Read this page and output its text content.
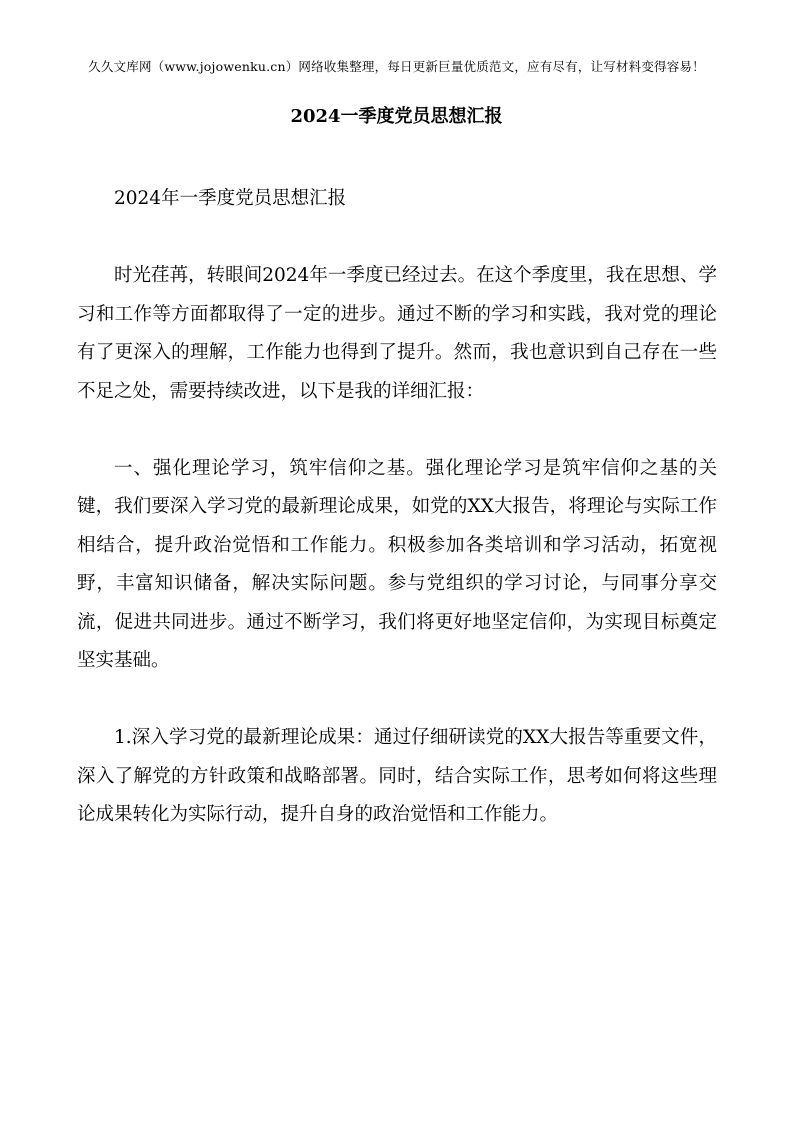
久久文库网（www.jojowenku.cn）网络收集整理，每日更新巨量优质范文，应有尽有，让写材料变得容易！
2024一季度党员思想汇报

2024年一季度党员思想汇报

时光荏苒，转眼间2024年一季度已经过去。在这个季度里，我在思想、学习和工作等方面都取得了一定的进步。通过不断的学习和实践，我对党的理论有了更深入的理解，工作能力也得到了提升。然而，我也意识到自己存在一些不足之处，需要持续改进，以下是我的详细汇报：

一、强化理论学习，筑牢信仰之基。强化理论学习是筑牢信仰之基的关键，我们要深入学习党的最新理论成果，如党的XX大报告，将理论与实际工作相结合，提升政治觉悟和工作能力。积极参加各类培训和学习活动，拓宽视野，丰富知识储备，解决实际问题。参与党组织的学习讨论，与同事分享交流，促进共同进步。通过不断学习，我们将更好地坚定信仰，为实现目标奠定坚实基础。

1.深入学习党的最新理论成果：通过仔细研读党的XX大报告等重要文件，深入了解党的方针政策和战略部署。同时，结合实际工作，思考如何将这些理论成果转化为实际行动，提升自身的政治觉悟和工作能力。
